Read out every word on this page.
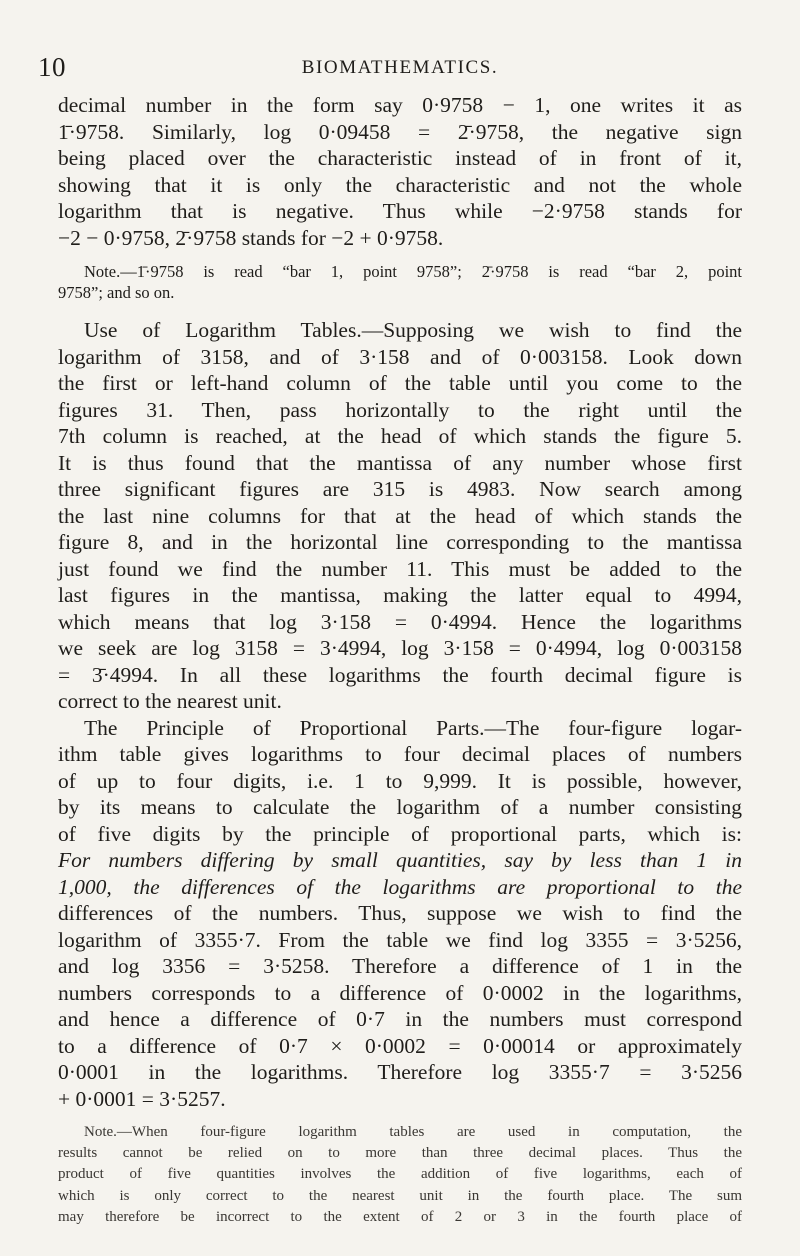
10	BIOMATHEMATICS.
decimal number in the form say 0·9758 − 1, one writes it as
1̄·9758. Similarly, log 0·09458 = 2̄·9758, the negative sign
being placed over the characteristic instead of in front of it,
showing that it is only the characteristic and not the whole
logarithm that is negative. Thus while −2·9758 stands for
−2 − 0·9758, 2̄·9758 stands for −2 + 0·9758.
Note.—1̄·9758 is read “bar 1, point 9758”; 2̄·9758 is read “bar 2, point
9758”; and so on.
Use of Logarithm Tables.—Supposing we wish to find the
logarithm of 3158, and of 3·158 and of 0·003158. Look down
the first or left-hand column of the table until you come to the
figures 31. Then, pass horizontally to the right until the
7th column is reached, at the head of which stands the figure 5.
It is thus found that the mantissa of any number whose first
three significant figures are 315 is 4983. Now search among
the last nine columns for that at the head of which stands the
figure 8, and in the horizontal line corresponding to the mantissa
just found we find the number 11. This must be added to the
last figures in the mantissa, making the latter equal to 4994,
which means that log 3·158 = 0·4994. Hence the logarithms
we seek are log 3158 = 3·4994, log 3·158 = 0·4994, log 0·003158
= 3̄·4994. In all these logarithms the fourth decimal figure is
correct to the nearest unit.
The Principle of Proportional Parts.—The four-figure logar-
ithm table gives logarithms to four decimal places of numbers
of up to four digits, i.e. 1 to 9,999. It is possible, however,
by its means to calculate the logarithm of a number consisting
of five digits by the principle of proportional parts, which is:
For numbers differing by small quantities, say by less than 1 in
1,000, the differences of the logarithms are proportional to the
differences of the numbers. Thus, suppose we wish to find the
logarithm of 3355·7. From the table we find log 3355 = 3·5256,
and log 3356 = 3·5258. Therefore a difference of 1 in the
numbers corresponds to a difference of 0·0002 in the logarithms,
and hence a difference of 0·7 in the numbers must correspond
to a difference of 0·7 × 0·0002 = 0·00014 or approximately
0·0001 in the logarithms. Therefore log 3355·7 = 3·5256
+ 0·0001 = 3·5257.
Note.—When four-figure logarithm tables are used in computation, the
results cannot be relied on to more than three decimal places. Thus the
product of five quantities involves the addition of five logarithms, each of
which is only correct to the nearest unit in the fourth place. The sum
may therefore be incorrect to the extent of 2 or 3 in the fourth place of
